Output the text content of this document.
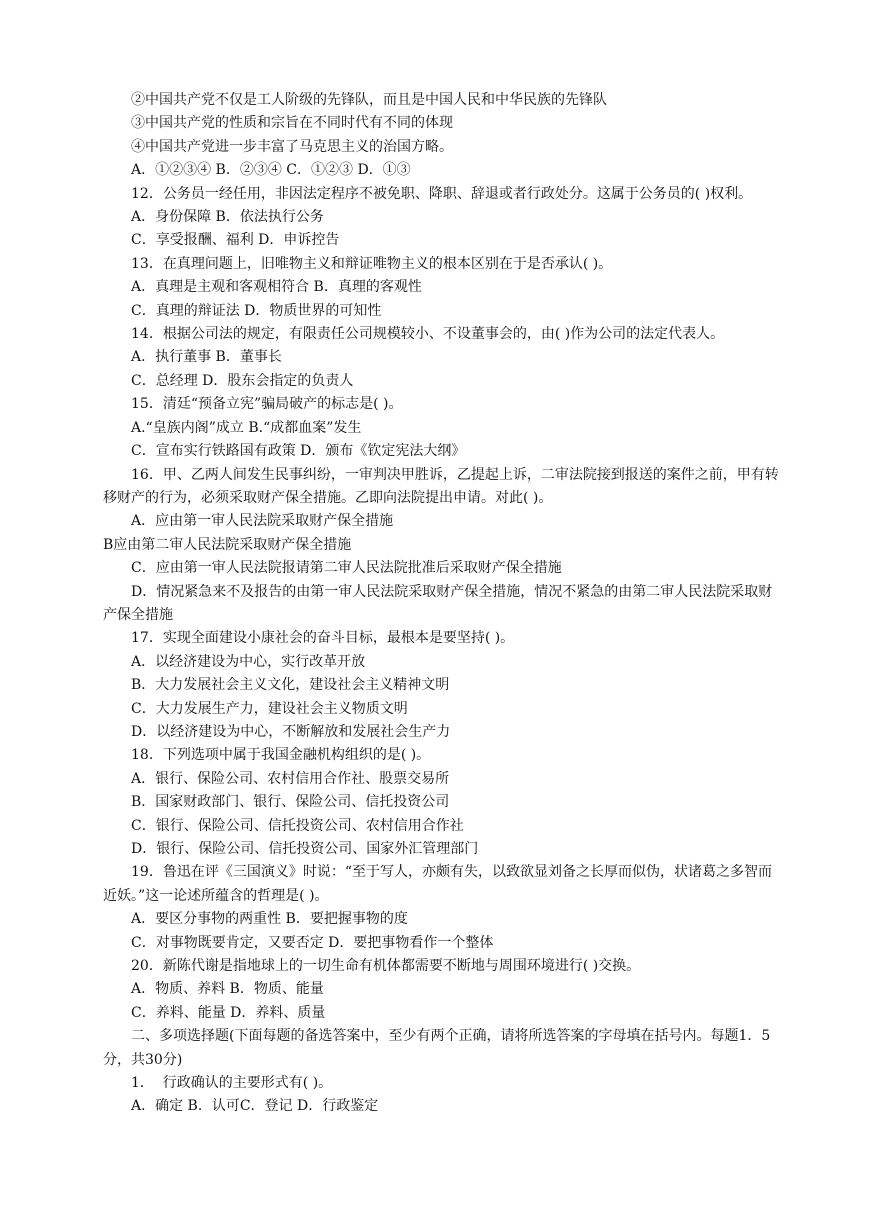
②中国共产党不仅是工人阶级的先锋队，而且是中国人民和中华民族的先锋队
③中国共产党的性质和宗旨在不同时代有不同的体现
④中国共产党进一步丰富了马克思主义的治国方略。
A．①②③④ B．②③④ C．①②③ D．①③
12．公务员一经任用，非因法定程序不被免职、降职、辞退或者行政处分。这属于公务员的( )权利。
A．身份保障 B．依法执行公务
C．享受报酬、福利 D．申诉控告
13．在真理问题上，旧唯物主义和辩证唯物主义的根本区别在于是否承认( )。
A．真理是主观和客观相符合 B．真理的客观性
C．真理的辩证法 D．物质世界的可知性
14．根据公司法的规定，有限责任公司规模较小、不设董事会的，由( )作为公司的法定代表人。
A．执行董事 B．董事长
C．总经理 D．股东会指定的负责人
15．清廷“预备立宪”骗局破产的标志是( )。
A.“皇族内阁”成立 B.“成都血案”发生
C．宣布实行铁路国有政策 D．颁布《钦定宪法大纲》
16．甲、乙两人间发生民事纠纷，一审判决甲胜诉，乙提起上诉，二审法院接到报送的案件之前，甲有转移财产的行为，必须采取财产保全措施。乙即向法院提出申请。对此( )。
A．应由第一审人民法院采取财产保全措施
B应由第二审人民法院采取财产保全措施
C．应由第一审人民法院报请第二审人民法院批准后采取财产保全措施
D．情况紧急来不及报告的由第一审人民法院采取财产保全措施，情况不紧急的由第二审人民法院采取财产保全措施
17．实现全面建设小康社会的奋斗目标，最根本是要坚持( )。
A．以经济建设为中心，实行改革开放
B．大力发展社会主义文化，建设社会主义精神文明
C．大力发展生产力，建设社会主义物质文明
D．以经济建设为中心，不断解放和发展社会生产力
18．下列选项中属于我国金融机构组织的是( )。
A．银行、保险公司、农村信用合作社、股票交易所
B．国家财政部门、银行、保险公司、信托投资公司
C．银行、保险公司、信托投资公司、农村信用合作社
D．银行、保险公司、信托投资公司、国家外汇管理部门
19．鲁迅在评《三国演义》时说：“至于写人，亦颇有失，以致欲显刘备之长厚而似伪，状诸葛之多智而近妖。”这一论述所蕴含的哲理是( )。
A．要区分事物的两重性 B．要把握事物的度
C．对事物既要肯定，又要否定 D．要把事物看作一个整体
20．新陈代谢是指地球上的一切生命有机体都需要不断地与周围环境进行( )交换。
A．物质、养料 B．物质、能量
C．养料、能量 D．养料、质量
二、多项选择题(下面每题的备选答案中，至少有两个正确，请将所选答案的字母填在括号内。每题1．5分，共30分)
1．  行政确认的主要形式有( )。
A．确定 B．认可C．登记 D．行政鉴定
